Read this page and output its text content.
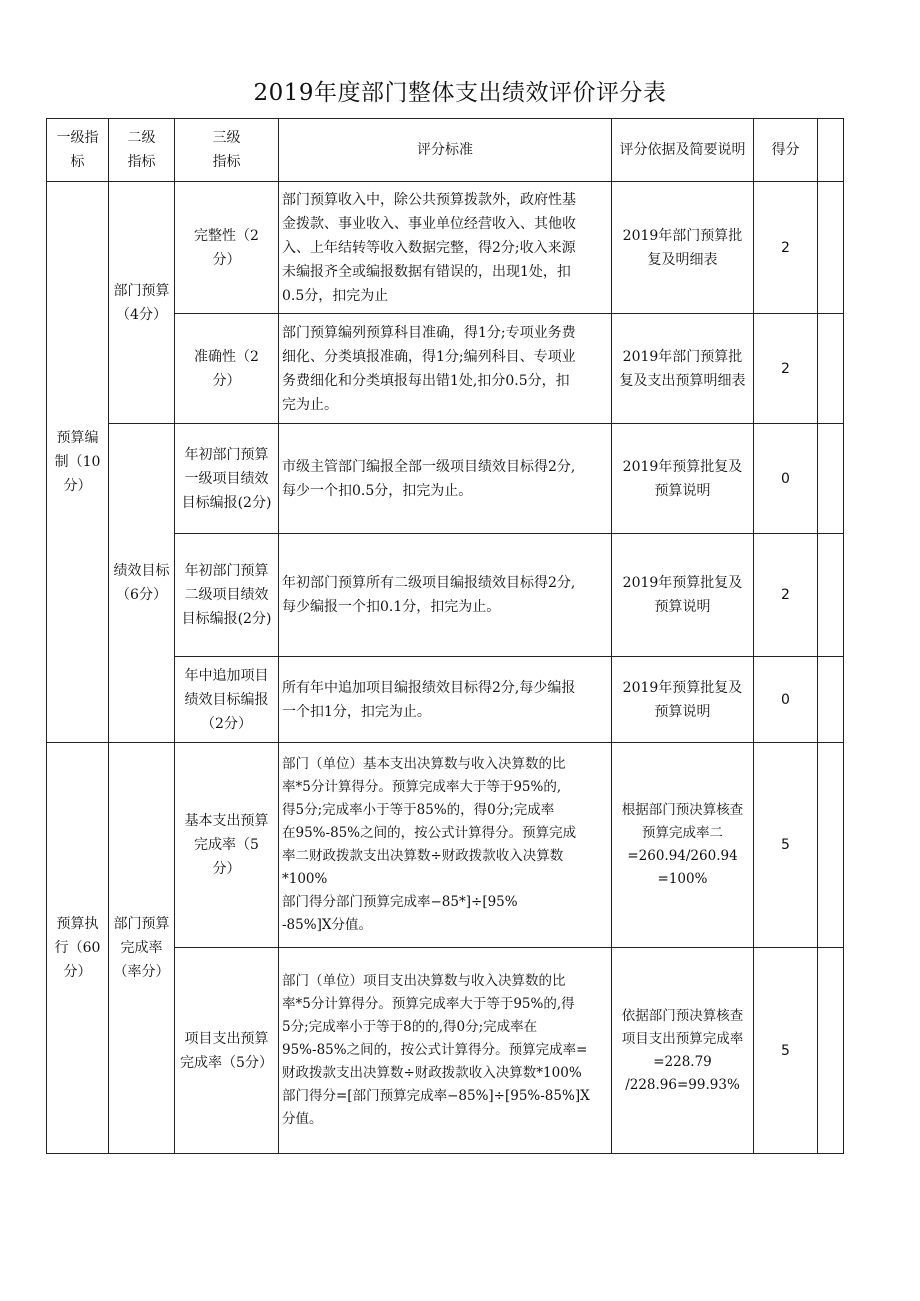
2019年度部门整体支出绩效评价评分表
一级指
标
二级
指标
三级
指标
评分标准	评分依据及简要说明	得分
预算编
制（10
分）
预算执
行（60
分）
部门预算
（4分）
绩效目标
（6分）
部门预算
完成率
（率分）
完整性（2
分）
部门预算收入中，除公共预算拨款外，政府性基
金拨款、事业收入、事业单位经营收入、其他收
入、上年结转等收入数据完整，得2分;收入来源
未编报齐全或编报数据有错误的，出现1处，扣
0.5分，扣完为止
2019年部门预算批
复及明细表
2
准确性（2
分）
部门预算编列预算科目准确，得1分;专项业务费
细化、分类填报准确，得1分;编列科目、专项业
务费细化和分类填报每出错1处,扣分0.5分，扣
完为止。
2019年部门预算批
复及支出预算明细表
2
年初部门预算
一级项目绩效
目标编报(2分)
市级主管部门编报全部一级项目绩效目标得2分,
每少一个扣0.5分，扣完为止。
2019年预算批复及
预算说明
0
年初部门预算
二级项目绩效
目标编报(2分)
年初部门预算所有二级项目编报绩效目标得2分,
每少编报一个扣0.1分，扣完为止。
2019年预算批复及
预算说明
2
年中追加项目
绩效目标编报
（2分）
所有年中追加项目编报绩效目标得2分,每少编报
一个扣1分，扣完为止。
2019年预算批复及
预算说明
0
基本支出预算
完成率（5
分）
部门（单位）基本支出决算数与收入决算数的比
率*5分计算得分。预算完成率大于等于95%的,
得5分;完成率小于等于85%的，得0分;完成率
在95%-85%之间的，按公式计算得分。预算完成
率二财政拨款支出决算数÷财政拨款收入决算数
*100%
部门得分部门预算完成率−85*]÷[95%
-85%]X分值。
根据部门预决算核查
预算完成率二
=260.94/260.94
=100%
5
项目支出预算
完成率（5分）
部门（单位）项目支出决算数与收入决算数的比
率*5分计算得分。预算完成率大于等于95%的,得
5分;完成率小于等于8的的,得0分;完成率在
95%-85%之间的，按公式计算得分。预算完成率=
财政拨款支出决算数÷财政拨款收入决算数*100%
部门得分=[部门预算完成率−85%]÷[95%-85%]X
分值。
依据部门预决算核查
项目支出预算完成率
=228.79
/228.96=99.93%
5
